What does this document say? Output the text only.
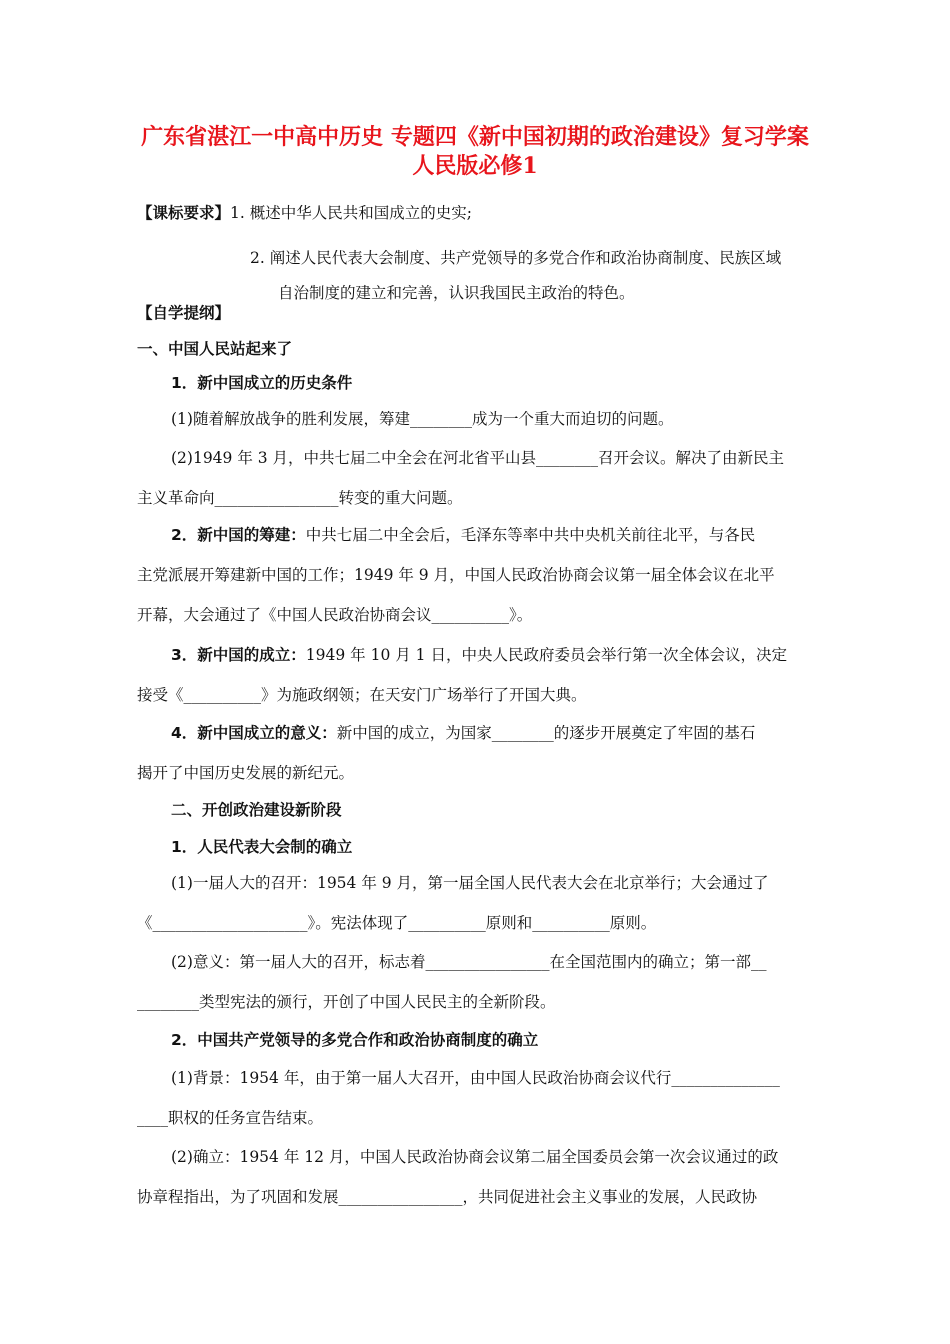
广东省湛江一中高中历史 专题四《新中国初期的政治建设》复习学案
人民版必修1
【课标要求】1. 概述中华人民共和国成立的史实;
2. 阐述人民代表大会制度、共产党领导的多党合作和政治协商制度、民族区域
自治制度的建立和完善，认识我国民主政治的特色。
【自学提纲】
一、中国人民站起来了
1．新中国成立的历史条件
(1)随着解放战争的胜利发展，筹建________成为一个重大而迫切的问题。
(2)1949 年 3 月，中共七届二中全会在河北省平山县________召开会议。解决了由新民主
主义革命向________________转变的重大问题。
2．新中国的筹建：中共七届二中全会后，毛泽东等率中共中央机关前往北平，与各民
主党派展开筹建新中国的工作；1949 年 9 月，中国人民政治协商会议第一届全体会议在北平
开幕，大会通过了《中国人民政治协商会议__________》。
3．新中国的成立：1949 年 10 月 1 日，中央人民政府委员会举行第一次全体会议，决定
接受《__________》为施政纲领；在天安门广场举行了开国大典。
4．新中国成立的意义：新中国的成立，为国家________的逐步开展奠定了牢固的基石
揭开了中国历史发展的新纪元。
二、开创政治建设新阶段
1．人民代表大会制的确立
(1)一届人大的召开：1954 年 9 月，第一届全国人民代表大会在北京举行；大会通过了
《____________________》。宪法体现了__________原则和__________原则。
(2)意义：第一届人大的召开，标志着________________在全国范围内的确立；第一部__
________类型宪法的颁行，开创了中国人民民主的全新阶段。
2．中国共产党领导的多党合作和政治协商制度的确立
(1)背景：1954 年，由于第一届人大召开，由中国人民政治协商会议代行______________
____职权的任务宣告结束。
(2)确立：1954 年 12 月，中国人民政治协商会议第二届全国委员会第一次会议通过的政
协章程指出，为了巩固和发展________________，共同促进社会主义事业的发展，人民政协
